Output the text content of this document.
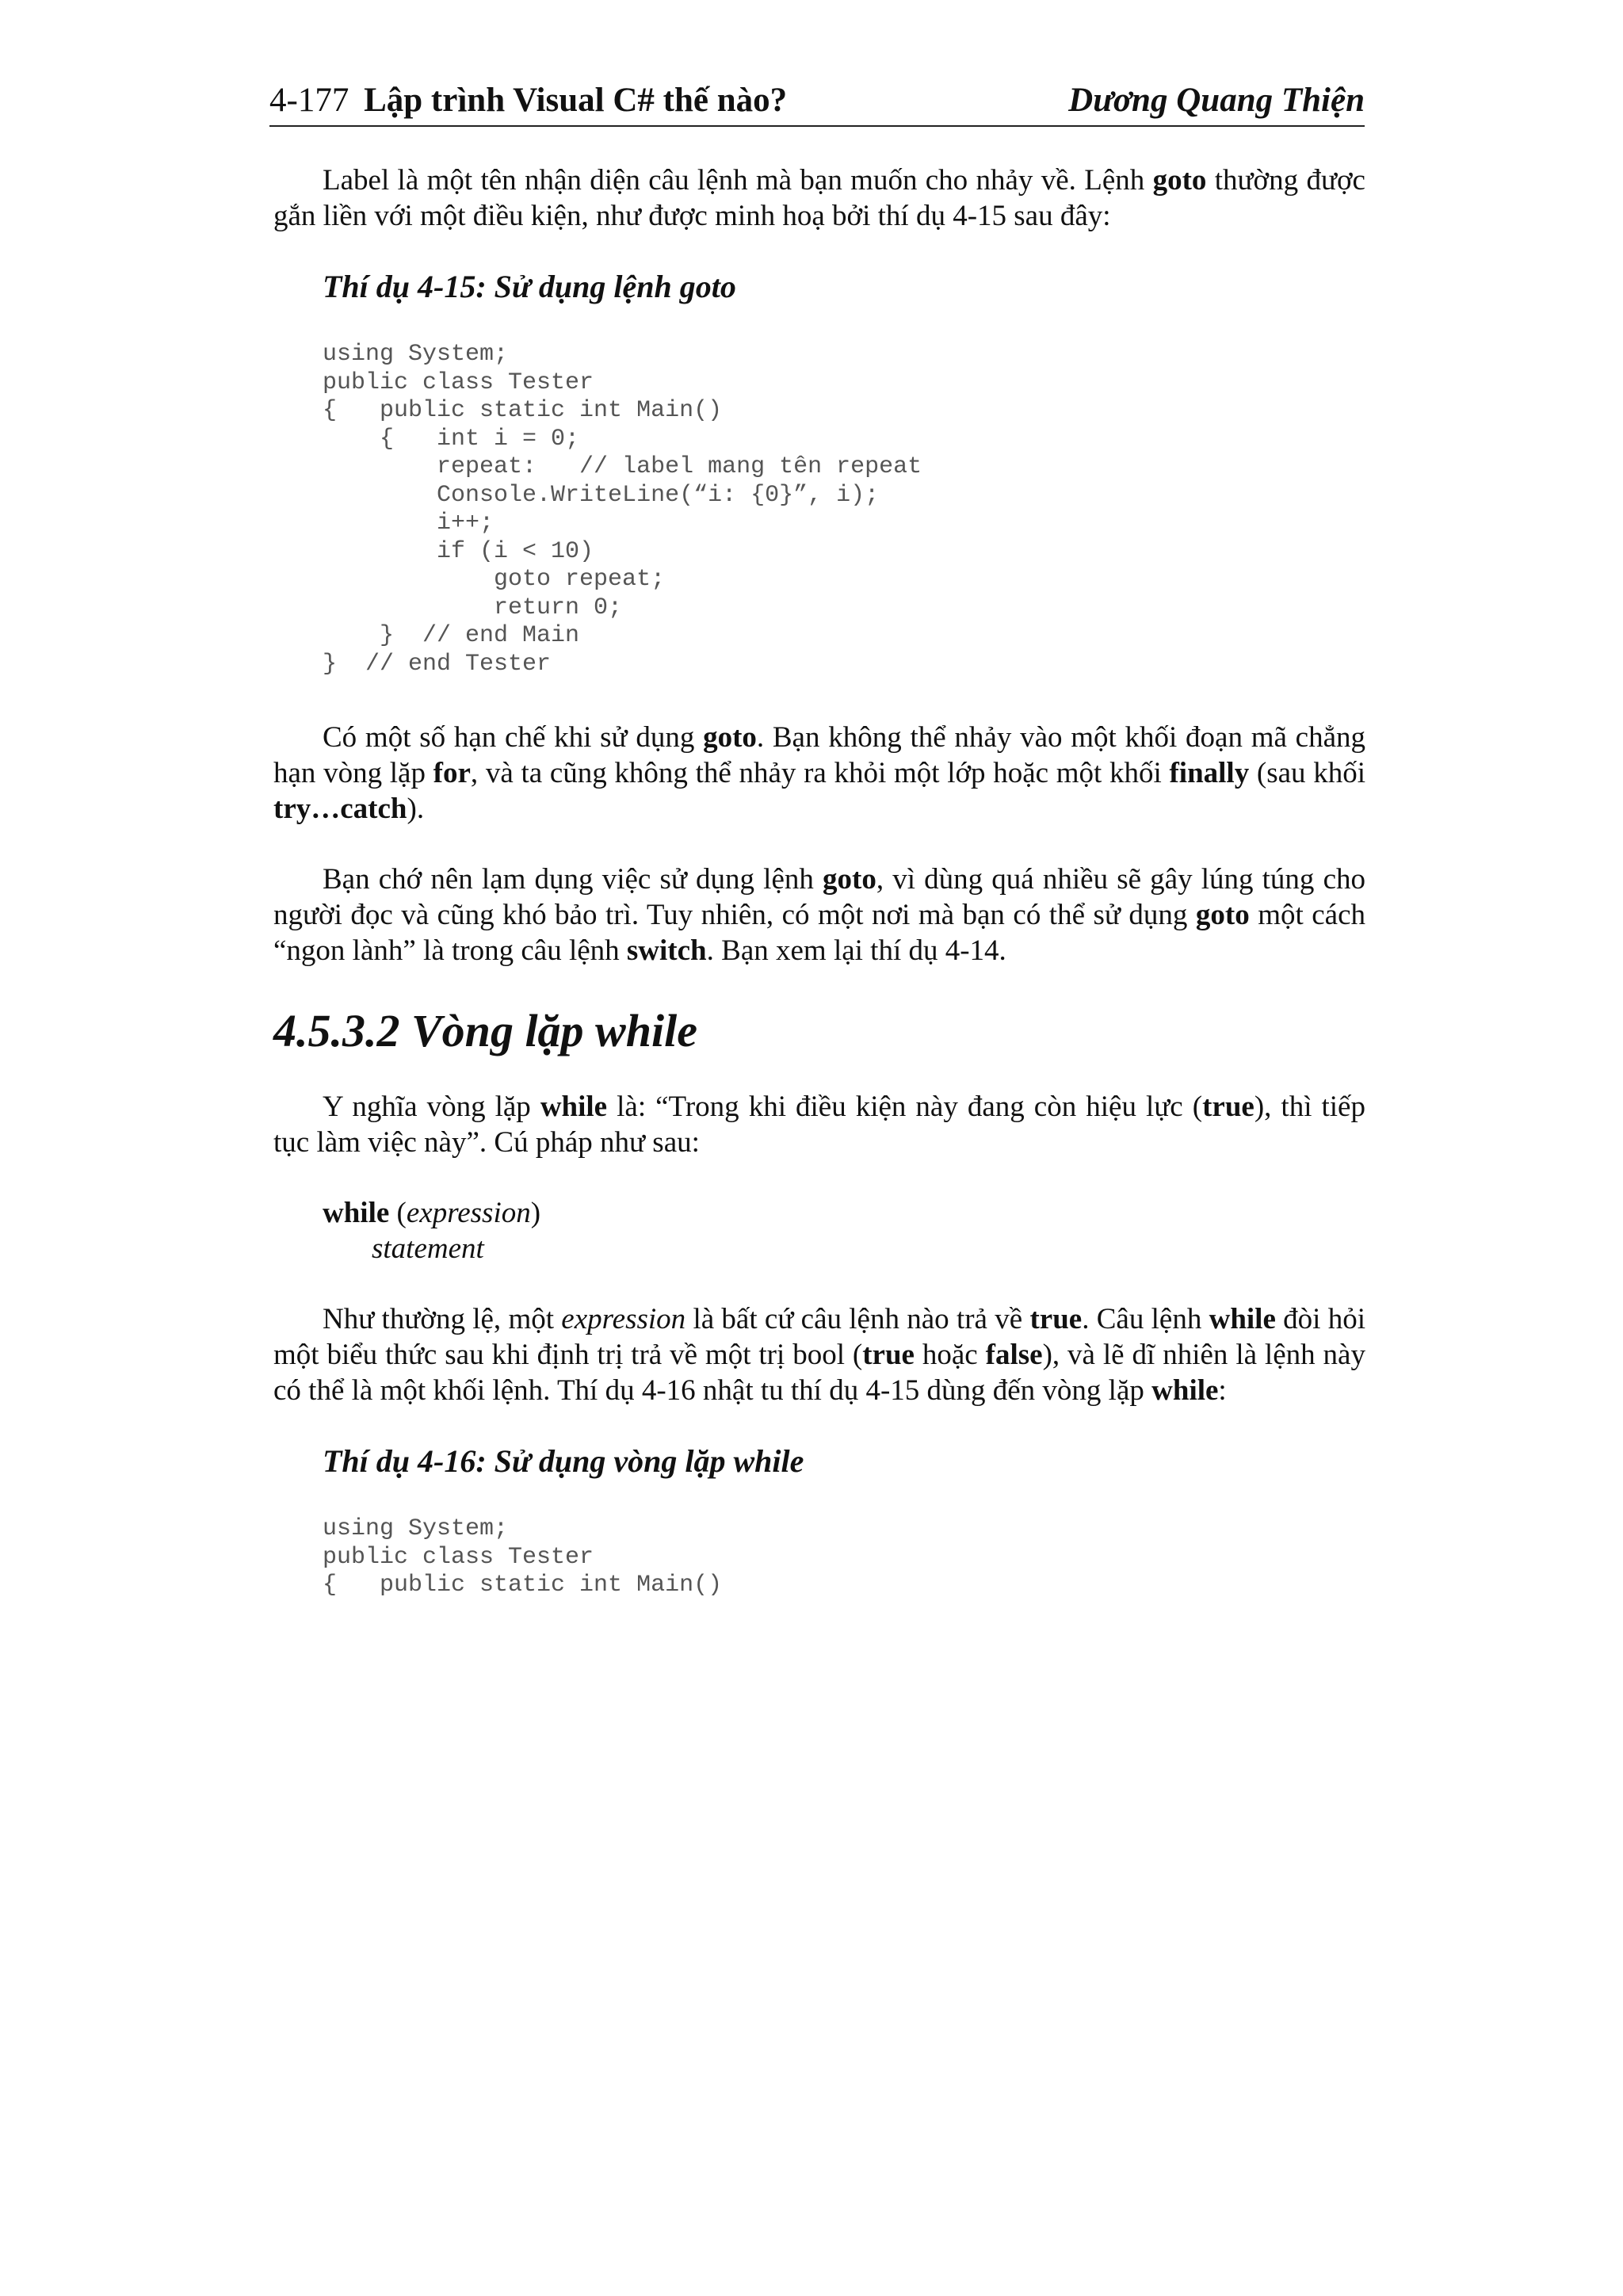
4-177 Lập trình Visual C# thế nào?	Dương Quang Thiện

Label là một tên nhận diện câu lệnh mà bạn muốn cho nhảy về. Lệnh goto thường được gắn liền với một điều kiện, như được minh hoạ bởi thí dụ 4-15 sau đây:

Thí dụ 4-15: Sử dụng lệnh goto
using System;
public class Tester
{   public static int Main()
{   int i = 0;
repeat:   // label mang tên repeat
Console.WriteLine(“i: {0}”, i);
i++;
if (i < 10)
goto repeat;
return 0;
}  // end Main
}  // end Tester

Có một số hạn chế khi sử dụng goto. Bạn không thể nhảy vào một khối đoạn mã chẳng hạn vòng lặp for, và ta cũng không thể nhảy ra khỏi một lớp hoặc một khối finally (sau khối try…catch).

Bạn chớ nên lạm dụng việc sử dụng lệnh goto, vì dùng quá nhiều sẽ gây lúng túng cho người đọc và cũng khó bảo trì. Tuy nhiên, có một nơi mà bạn có thể sử dụng goto một cách “ngon lành” là trong câu lệnh switch. Bạn xem lại thí dụ 4-14.

4.5.3.2 Vòng lặp while

Y nghĩa vòng lặp while là: “Trong khi điều kiện này đang còn hiệu lực (true), thì tiếp tục làm việc này”. Cú pháp như sau:

while (expression)
statement

Như thường lệ, một expression là bất cứ câu lệnh nào trả về true. Câu lệnh while đòi hỏi một biểu thức sau khi định trị trả về một trị bool (true hoặc false), và lẽ dĩ nhiên là lệnh này có thể là một khối lệnh. Thí dụ 4-16 nhật tu thí dụ 4-15 dùng đến vòng lặp while:

Thí dụ 4-16: Sử dụng vòng lặp while
using System;
public class Tester
{   public static int Main()
